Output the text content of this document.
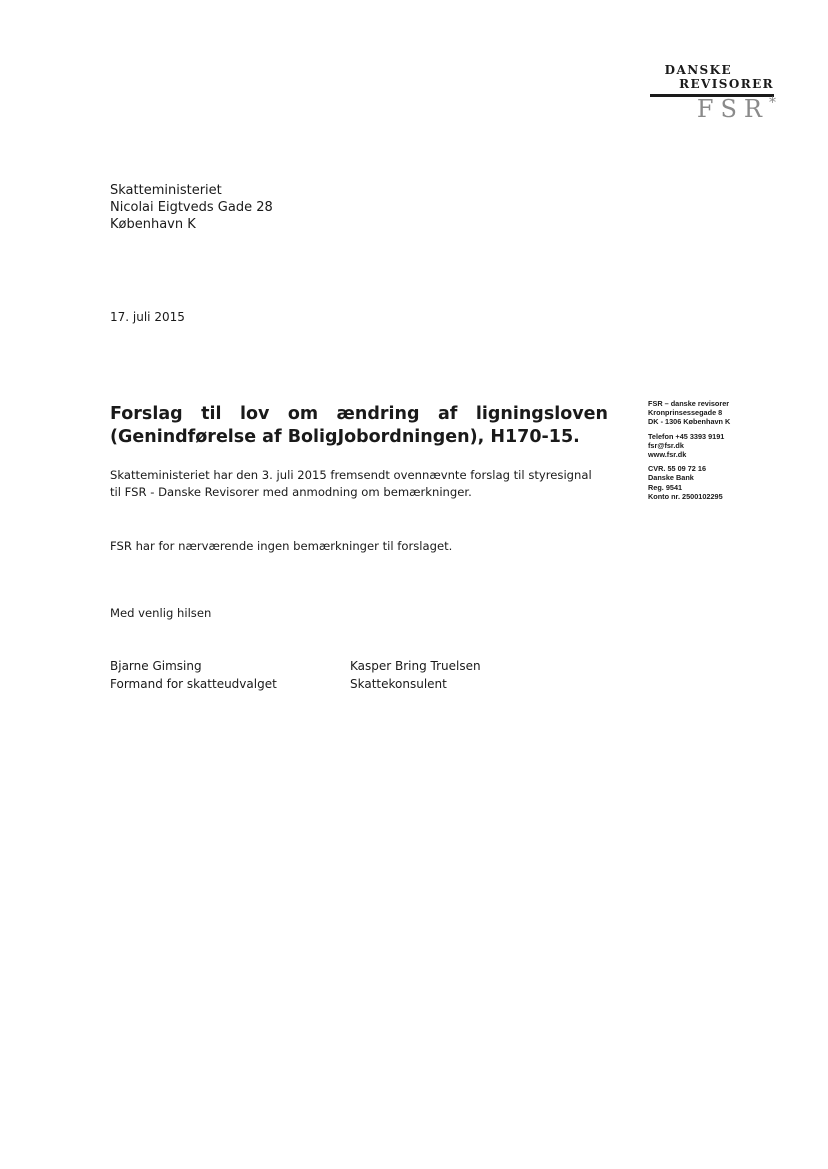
DANSKE
REVISORER
FSR*
Skatteministeriet
Nicolai Eigtveds Gade 28
København K
17. juli 2015
Forslag til lov om ændring af ligningsloven
(Genindførelse af BoligJobordningen), H170-15.
Skatteministeriet har den 3. juli 2015 fremsendt ovennævnte forslag til styresignal
til FSR - Danske Revisorer med anmodning om bemærkninger.
FSR har for nærværende ingen bemærkninger til forslaget.
Med venlig hilsen
Bjarne Gimsing
Formand for skatteudvalget
Kasper Bring Truelsen
Skattekonsulent
FSR – danske revisorer
Kronprinsessegade 8
DK - 1306 København K
Telefon +45 3393 9191
fsr@fsr.dk
www.fsr.dk
CVR. 55 09 72 16
Danske Bank
Reg. 9541
Konto nr. 2500102295
